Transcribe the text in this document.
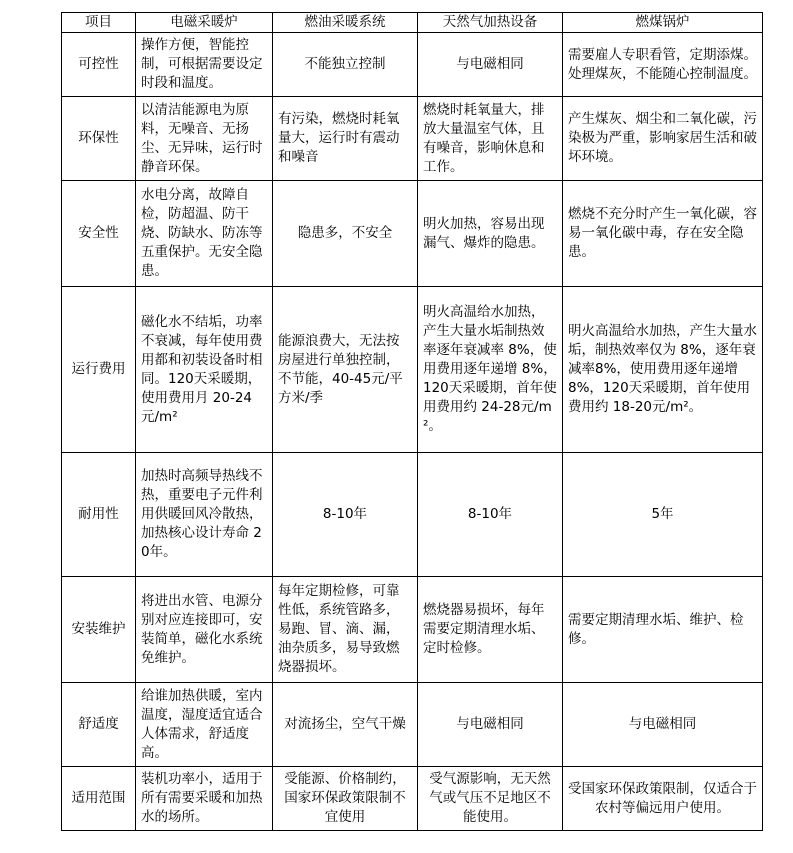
项目	电磁采暖炉	燃油采暖系统	天然气加热设备	燃煤锅炉
可控性	操作方便，智能控制，可根据需要设定时段和温度。	不能独立控制	与电磁相同	需要雇人专职看管，定期添煤。处理煤灰，不能随心控制温度。
环保性	以清洁能源电为原料，无噪音、无扬尘、无异味，运行时静音环保。	有污染，燃烧时耗氧量大，运行时有震动和噪音	燃烧时耗氧量大，排放大量温室气体，且有噪音，影响休息和工作。	产生煤灰、烟尘和二氧化碳，污染极为严重，影响家居生活和破坏环境。
安全性	水电分离，故障自检，防超温、防干烧、防缺水、防冻等五重保护。无安全隐患。	隐患多，不安全	明火加热，容易出现漏气、爆炸的隐患。	燃烧不充分时产生一氧化碳，容易一氧化碳中毒，存在安全隐患。
运行费用	磁化水不结垢，功率不衰减，每年使用费用都和初装设备时相同。120天采暖期，使用费用月 20-24元/m²	能源浪费大，无法按房屋进行单独控制，不节能，40-45元/平方米/季	明火高温给水加热，产生大量水垢制热效率逐年衰减率 8%，使用费用逐年递增 8%，120天采暖期，首年使用费用约 24-28元/m²。	明火高温给水加热，产生大量水垢，制热效率仅为 8%，逐年衰减率8%，使用费用逐年递增8%，120天采暖期，首年使用费用约 18-20元/m²。
耐用性	加热时高频导热线不热，重要电子元件利用供暖回风冷散热，加热核心设计寿命 20年。	8-10年	8-10年	5年
安装维护	将进出水管、电源分别对应连接即可，安装简单，磁化水系统免维护。	每年定期检修，可靠性低，系统管路多，易跑、冒、滴、漏，油杂质多，易导致燃烧器损坏。	燃烧器易损坏，每年需要定期清理水垢、定时检修。	需要定期清理水垢、维护、检修。
舒适度	给谁加热供暖，室内温度，湿度适宜适合人体需求，舒适度高。	对流扬尘，空气干燥	与电磁相同	与电磁相同
适用范围	装机功率小，适用于所有需要采暖和加热水的场所。	受能源、价格制约，国家环保政策限制不宜使用	受气源影响，无天然气或气压不足地区不能使用。	受国家环保政策限制，仅适合于农村等偏远用户使用。
